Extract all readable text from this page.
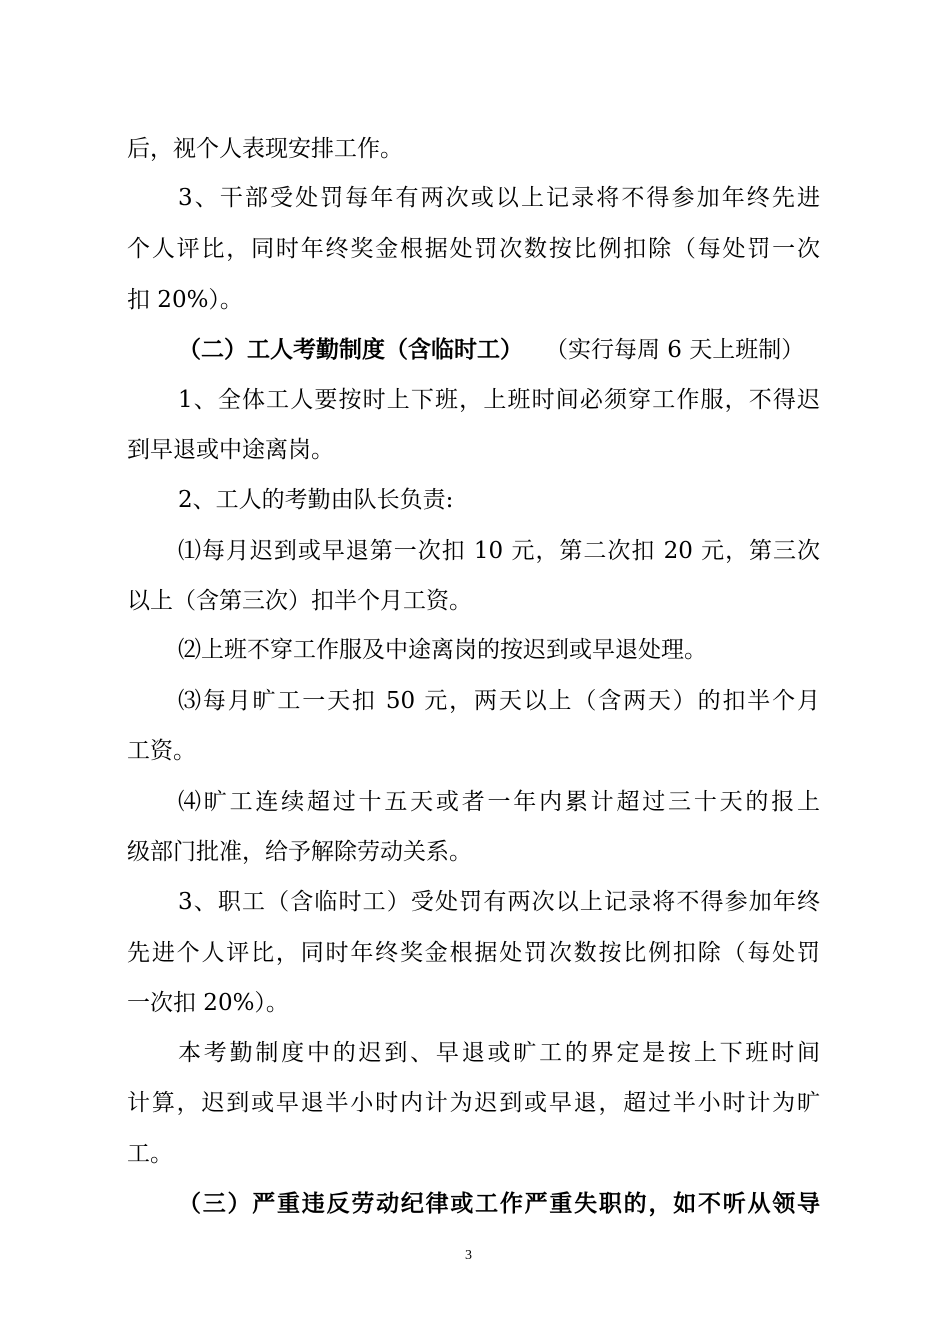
后，视个人表现安排工作。
3、干部受处罚每年有两次或以上记录将不得参加年终先进
个人评比，同时年终奖金根据处罚次数按比例扣除（每处罚一次
扣 20%）。
（二）工人考勤制度（含临时工） （实行每周 6 天上班制）
1、全体工人要按时上下班，上班时间必须穿工作服，不得迟
到早退或中途离岗。
2、工人的考勤由队长负责:
⑴每月迟到或早退第一次扣 10 元，第二次扣 20 元，第三次
以上（含第三次）扣半个月工资。
⑵上班不穿工作服及中途离岗的按迟到或早退处理。
⑶每月旷工一天扣 50 元，两天以上（含两天）的扣半个月
工资。
⑷旷工连续超过十五天或者一年内累计超过三十天的报上
级部门批准，给予解除劳动关系。
3、职工（含临时工）受处罚有两次以上记录将不得参加年终
先进个人评比，同时年终奖金根据处罚次数按比例扣除（每处罚
一次扣 20%）。
本考勤制度中的迟到、早退或旷工的界定是按上下班时间
计算，迟到或早退半小时内计为迟到或早退，超过半小时计为旷
工。
（三）严重违反劳动纪律或工作严重失职的，如不听从领导
3
